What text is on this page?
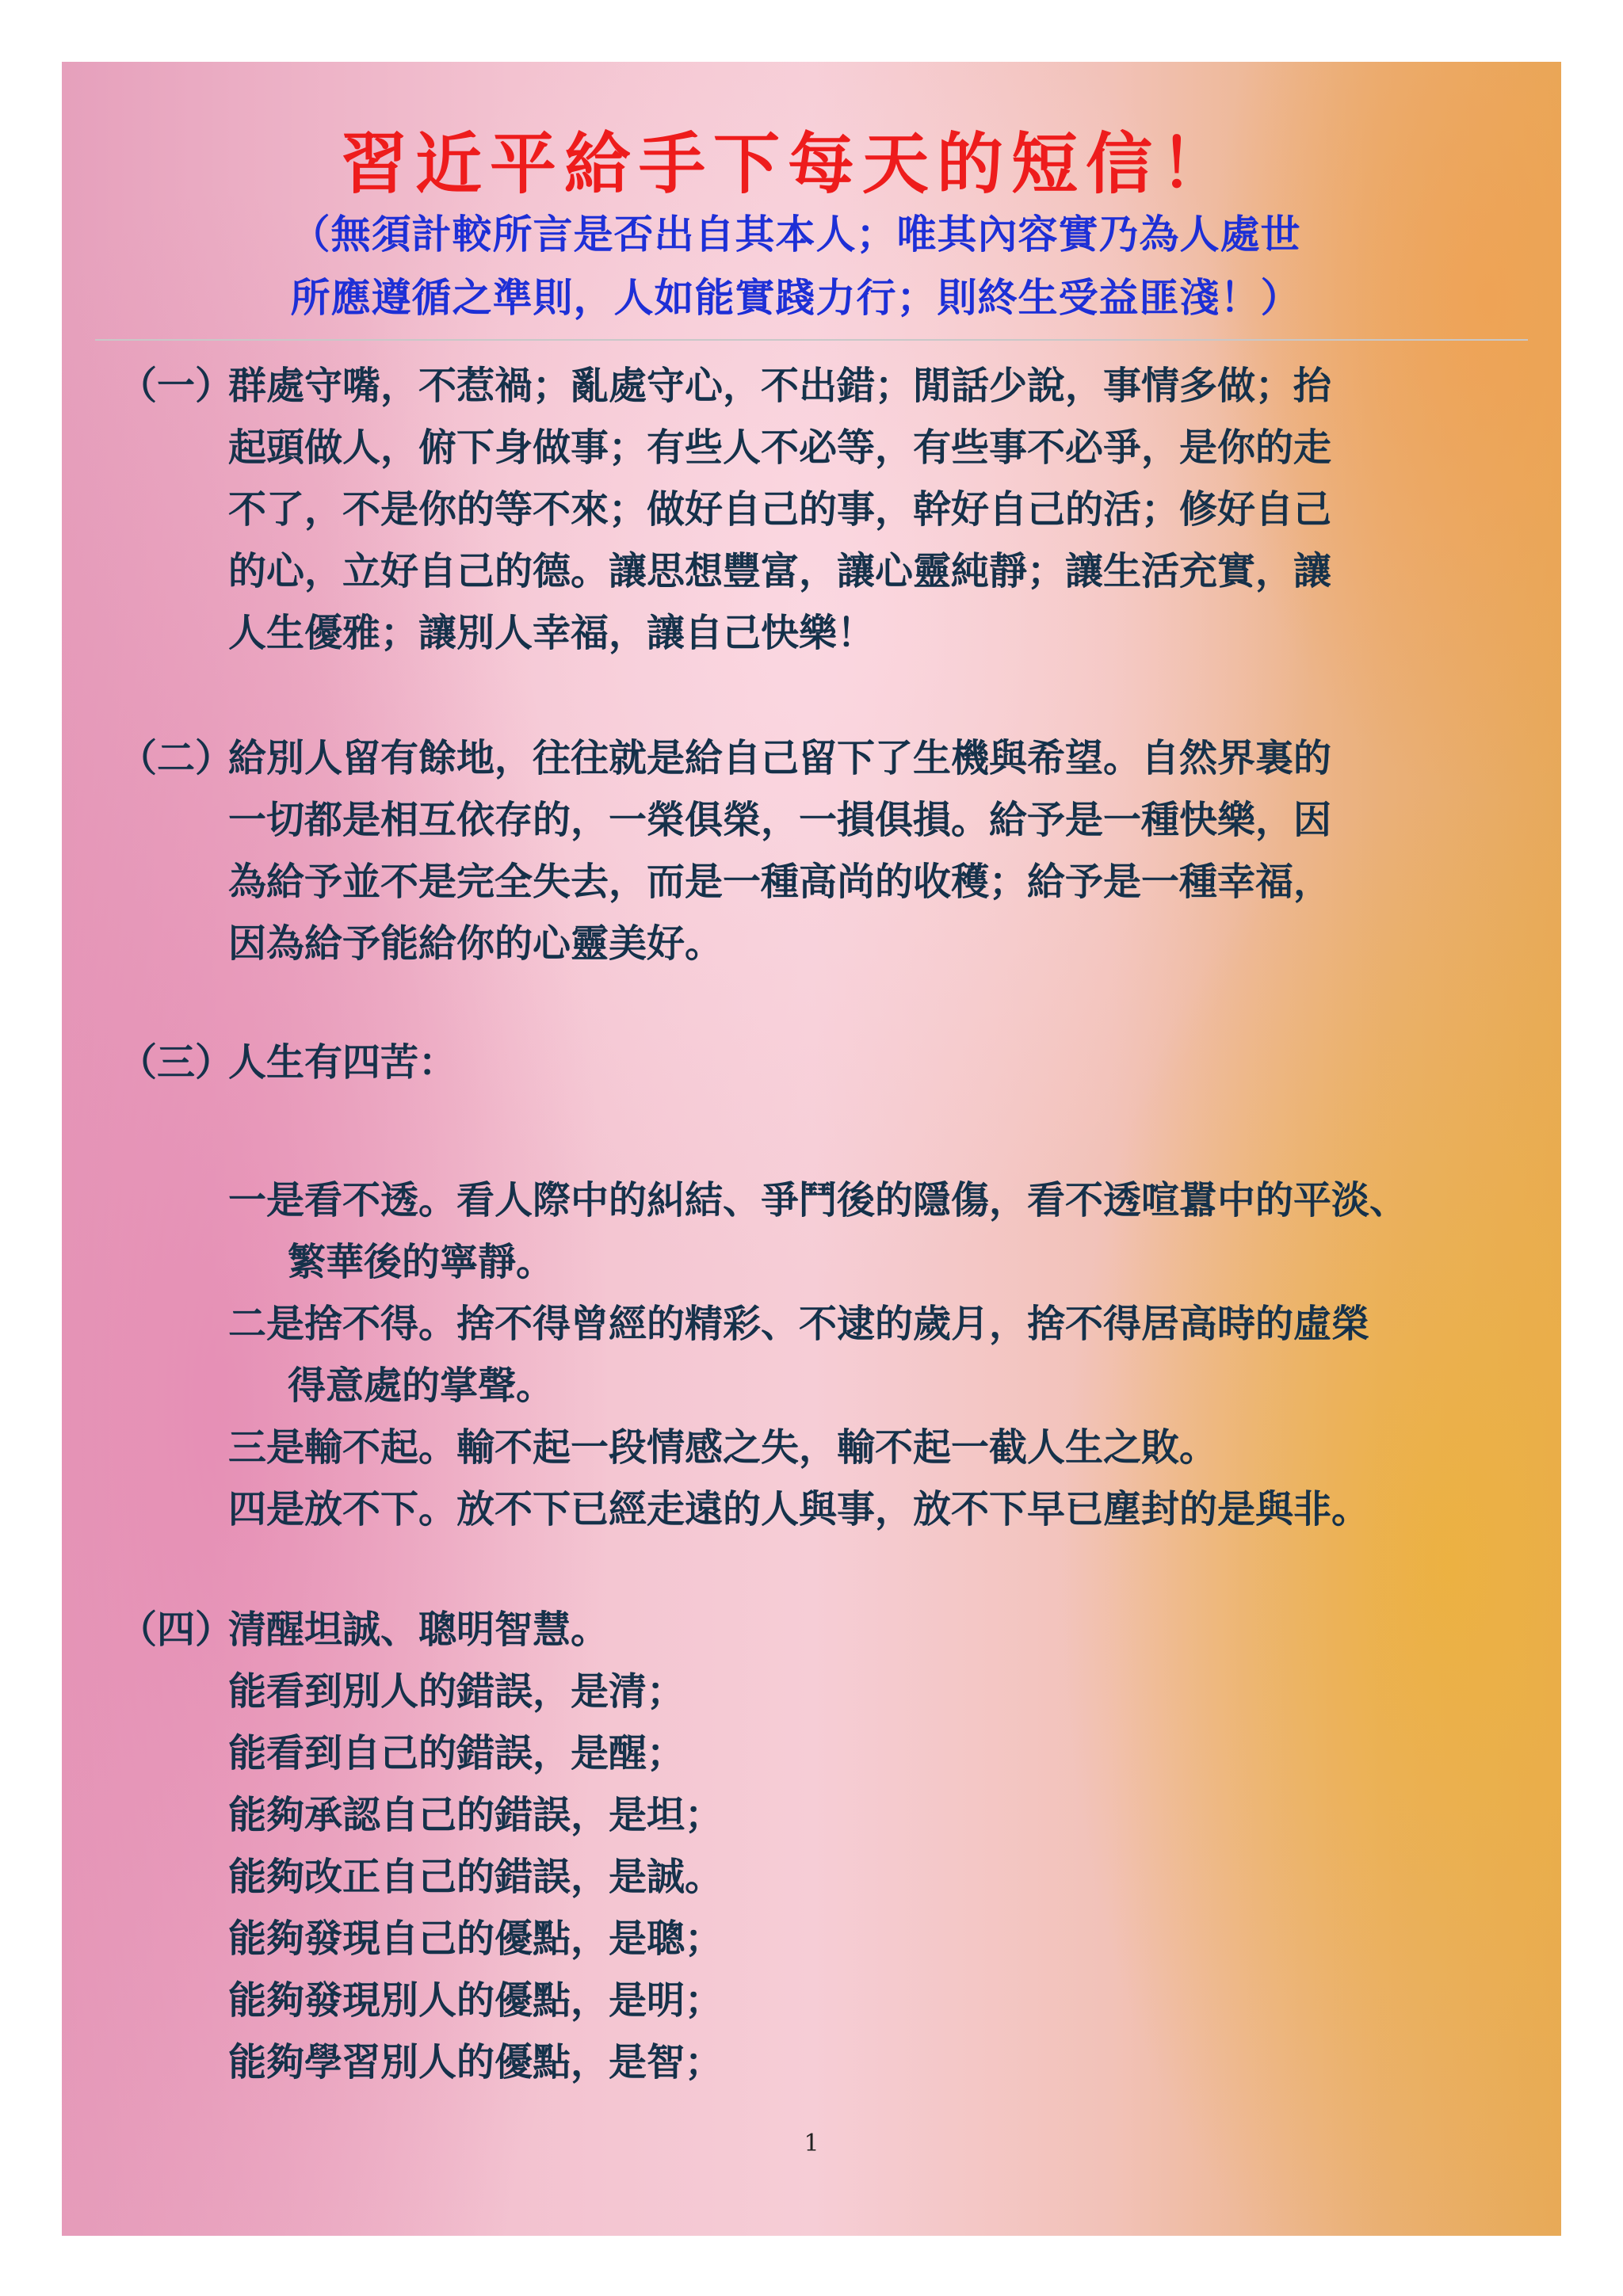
習近平給手下每天的短信！
（無須計較所言是否出自其本人；唯其內容實乃為人處世
所應遵循之準則，人如能實踐力行；則終生受益匪淺！）
（一）
群處守嘴，不惹禍；亂處守心，不出錯；閒話少說，事情多做；抬
起頭做人，俯下身做事；有些人不必等，有些事不必爭，是你的走
不了，不是你的等不來；做好自己的事，幹好自己的活；修好自己
的心，立好自己的德。讓思想豐富，讓心靈純靜；讓生活充實，讓
人生優雅；讓別人幸福，讓自己快樂！
（二）
給別人留有餘地，往往就是給自己留下了生機與希望。自然界裏的
一切都是相互依存的，一榮俱榮，一損俱損。給予是一種快樂，因
為給予並不是完全失去，而是一種高尚的收穫；給予是一種幸福，
因為給予能給你的心靈美好。
（三）
人生有四苦：
一是看不透。看人際中的糾結、爭鬥後的隱傷，看不透喧囂中的平淡、
繁華後的寧靜。
二是捨不得。捨不得曾經的精彩、不逮的歲月，捨不得居高時的虛榮
得意處的掌聲。
三是輸不起。輸不起一段情感之失，輸不起一截人生之敗。
四是放不下。放不下已經走遠的人與事，放不下早已塵封的是與非。
（四）
清醒坦誠、聰明智慧。
能看到別人的錯誤，是清；
能看到自己的錯誤，是醒；
能夠承認自己的錯誤，是坦；
能夠改正自己的錯誤，是誠。
能夠發現自己的優點，是聰；
能夠發現別人的優點，是明；
能夠學習別人的優點，是智；
1
